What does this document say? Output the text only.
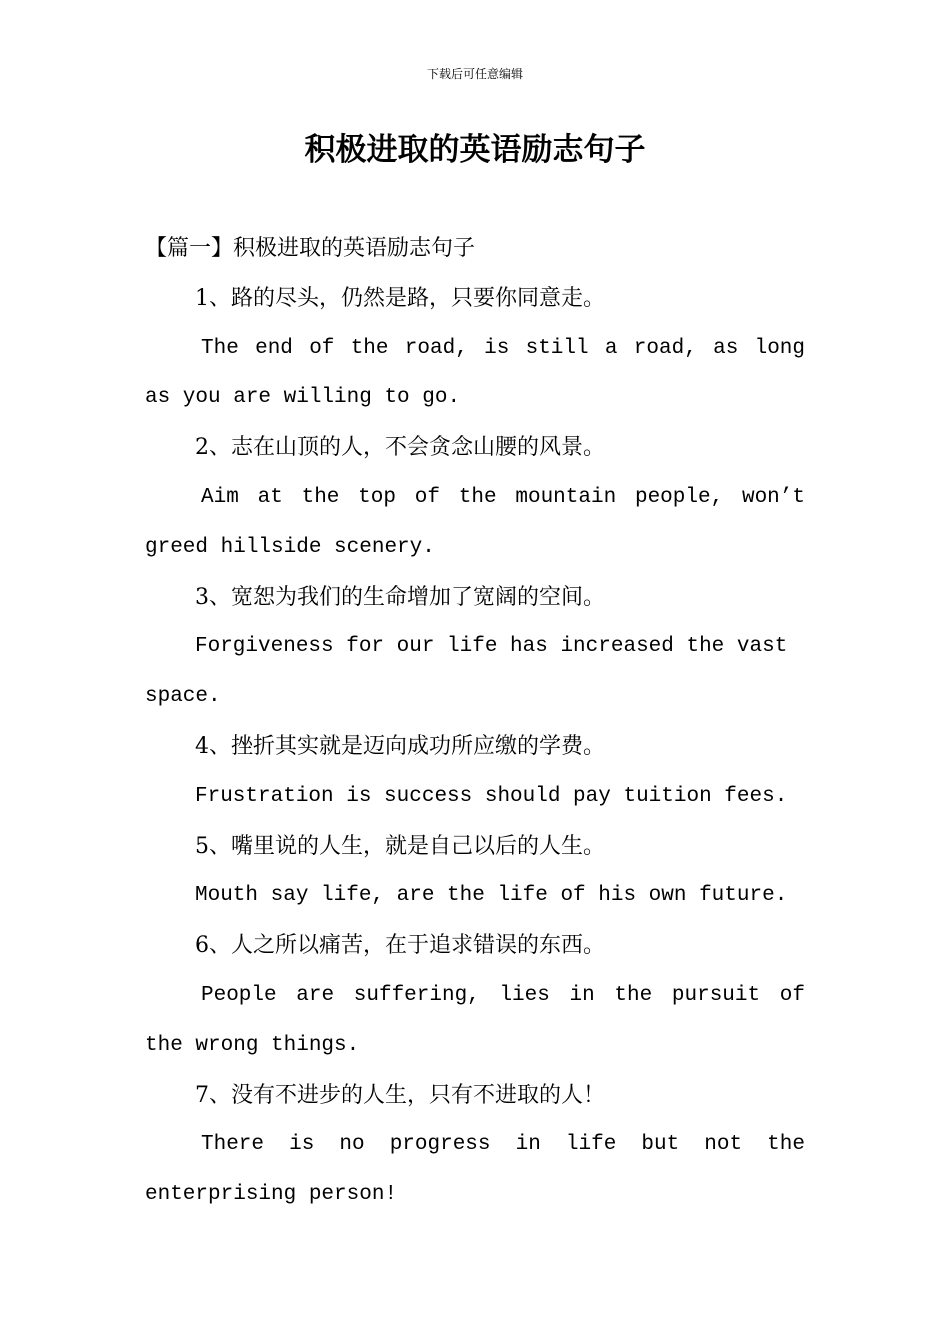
下载后可任意编辑
积极进取的英语励志句子
【篇一】积极进取的英语励志句子
1、路的尽头，仍然是路，只要你同意走。
The end of the road, is still a road, as long
as you are willing to go.
2、志在山顶的人，不会贪念山腰的风景。
Aim at the top of the mountain people, won’t
greed hillside scenery.
3、宽恕为我们的生命增加了宽阔的空间。
Forgiveness for our life has increased the vast
space.
4、挫折其实就是迈向成功所应缴的学费。
Frustration is success should pay tuition fees.
5、嘴里说的人生，就是自己以后的人生。
Mouth say life, are the life of his own future.
6、人之所以痛苦，在于追求错误的东西。
People are suffering, lies in the pursuit of
the wrong things.
7、没有不进步的人生，只有不进取的人！
There is no progress in life but not the
enterprising person!
